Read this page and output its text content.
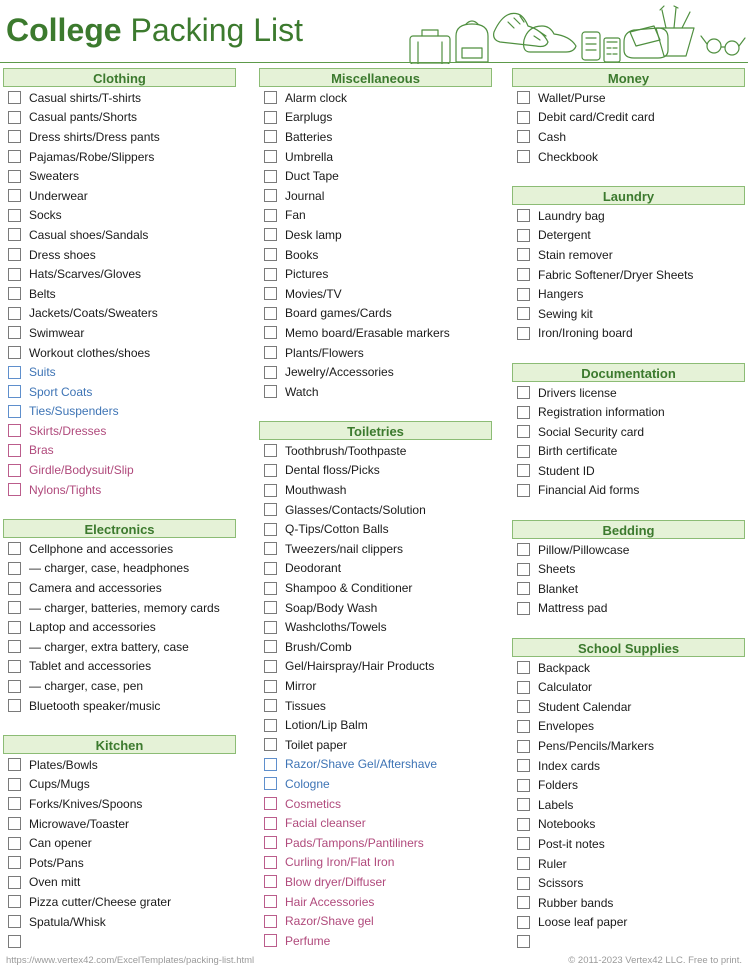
College Packing List
Clothing
Casual shirts/T-shirts
Casual pants/Shorts
Dress shirts/Dress pants
Pajamas/Robe/Slippers
Sweaters
Underwear
Socks
Casual shoes/Sandals
Dress shoes
Hats/Scarves/Gloves
Belts
Jackets/Coats/Sweaters
Swimwear
Workout clothes/shoes
Suits
Sport Coats
Ties/Suspenders
Skirts/Dresses
Bras
Girdle/Bodysuit/Slip
Nylons/Tights
Electronics
Cellphone and accessories
— charger, case, headphones
Camera and accessories
— charger, batteries, memory cards
Laptop and accessories
— charger, extra battery, case
Tablet and accessories
— charger, case, pen
Bluetooth speaker/music
Kitchen
Plates/Bowls
Cups/Mugs
Forks/Knives/Spoons
Microwave/Toaster
Can opener
Pots/Pans
Oven mitt
Pizza cutter/Cheese grater
Spatula/Whisk
Miscellaneous
Alarm clock
Earplugs
Batteries
Umbrella
Duct Tape
Journal
Fan
Desk lamp
Books
Pictures
Movies/TV
Board games/Cards
Memo board/Erasable markers
Plants/Flowers
Jewelry/Accessories
Watch
Toiletries
Toothbrush/Toothpaste
Dental floss/Picks
Mouthwash
Glasses/Contacts/Solution
Q-Tips/Cotton Balls
Tweezers/nail clippers
Deodorant
Shampoo & Conditioner
Soap/Body Wash
Washcloths/Towels
Brush/Comb
Gel/Hairspray/Hair Products
Mirror
Tissues
Lotion/Lip Balm
Toilet paper
Razor/Shave Gel/Aftershave
Cologne
Cosmetics
Facial cleanser
Pads/Tampons/Pantiliners
Curling Iron/Flat Iron
Blow dryer/Diffuser
Hair Accessories
Razor/Shave gel
Perfume
Money
Wallet/Purse
Debit card/Credit card
Cash
Checkbook
Laundry
Laundry bag
Detergent
Stain remover
Fabric Softener/Dryer Sheets
Hangers
Sewing kit
Iron/Ironing board
Documentation
Drivers license
Registration information
Social Security card
Birth certificate
Student ID
Financial Aid forms
Bedding
Pillow/Pillowcase
Sheets
Blanket
Mattress pad
School Supplies
Backpack
Calculator
Student Calendar
Envelopes
Pens/Pencils/Markers
Index cards
Folders
Labels
Notebooks
Post-it notes
Ruler
Scissors
Rubber bands
Loose leaf paper
https://www.vertex42.com/ExcelTemplates/packing-list.html	© 2011-2023 Vertex42 LLC. Free to print.
